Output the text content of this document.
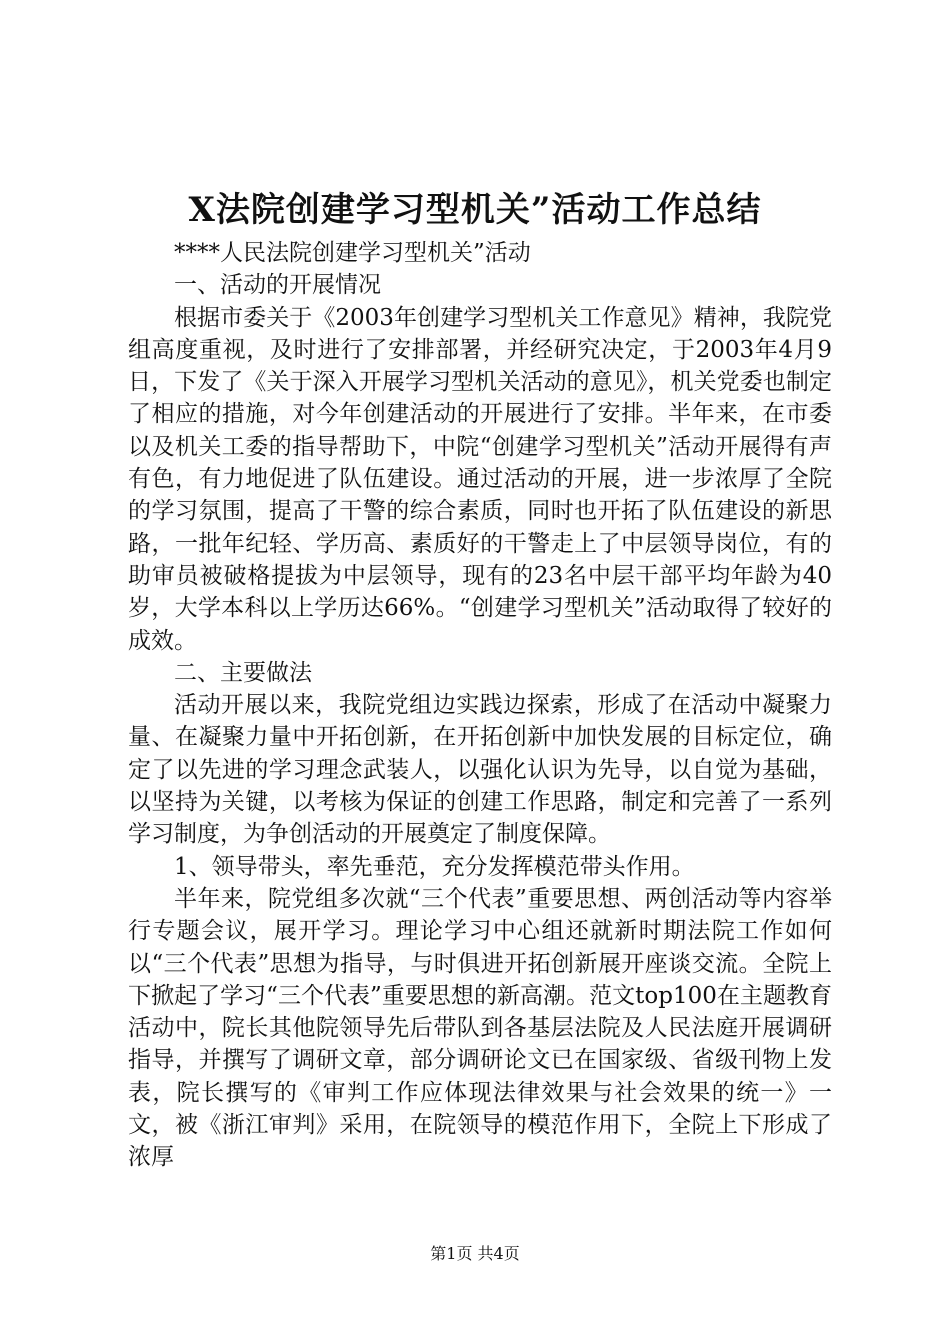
X法院创建学习型机关”活动工作总结

****人民法院创建学习型机关”活动

一、活动的开展情况

根据市委关于《2003年创建学习型机关工作意见》精神，我院党组高度重视，及时进行了安排部署，并经研究决定，于2003年4月9日，下发了《关于深入开展学习型机关活动的意见》，机关党委也制定了相应的措施，对今年创建活动的开展进行了安排。半年来，在市委以及机关工委的指导帮助下，中院“创建学习型机关”活动开展得有声有色，有力地促进了队伍建设。通过活动的开展，进一步浓厚了全院的学习氛围，提高了干警的综合素质，同时也开拓了队伍建设的新思路，一批年纪轻、学历高、素质好的干警走上了中层领导岗位，有的助审员被破格提拔为中层领导，现有的23名中层干部平均年龄为40岁，大学本科以上学历达66%。“创建学习型机关”活动取得了较好的成效。

二、主要做法

活动开展以来，我院党组边实践边探索，形成了在活动中凝聚力量、在凝聚力量中开拓创新，在开拓创新中加快发展的目标定位，确定了以先进的学习理念武装人，以强化认识为先导，以自觉为基础，以坚持为关键，以考核为保证的创建工作思路，制定和完善了一系列学习制度，为争创活动的开展奠定了制度保障。

1、领导带头，率先垂范，充分发挥模范带头作用。

半年来，院党组多次就“三个代表”重要思想、两创活动等内容举行专题会议，展开学习。理论学习中心组还就新时期法院工作如何以“三个代表”思想为指导，与时俱进开拓创新展开座谈交流。全院上下掀起了学习“三个代表”重要思想的新高潮。范文top100在主题教育活动中，院长其他院领导先后带队到各基层法院及人民法庭开展调研指导，并撰写了调研文章，部分调研论文已在国家级、省级刊物上发表，院长撰写的《审判工作应体现法律效果与社会效果的统一》一文，被《浙江审判》采用，在院领导的模范作用下，全院上下形成了浓厚

第1页 共4页
